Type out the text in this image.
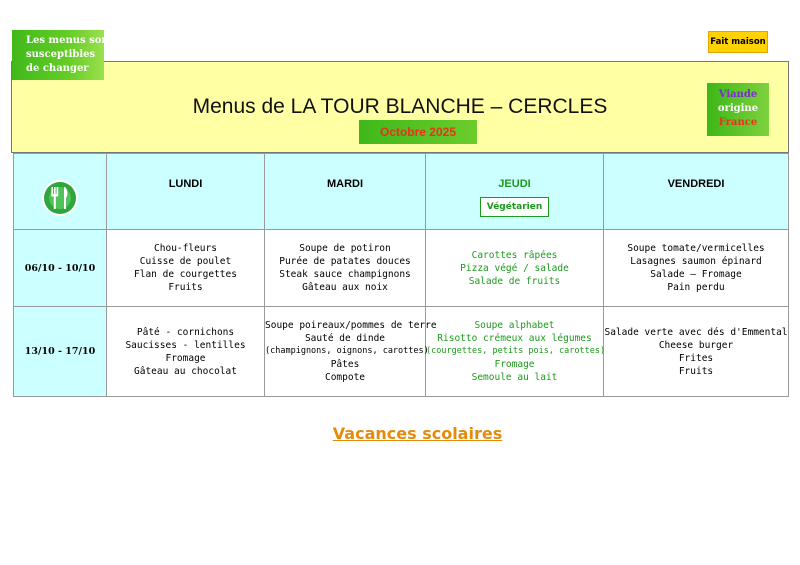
Les menus sont
susceptibles
de changer
Fait maison
Menus de LA TOUR BLANCHE – CERCLES
Octobre 2025
Viande
origine
France
	LUNDI	MARDI	JEUDI
Végétarien	VENDREDI
06/10 - 10/10	Chou-fleurs
Cuisse de poulet
Flan de courgettes
Fruits	Soupe de potiron
Purée de patates douces
Steak sauce champignons
Gâteau aux noix	Carottes râpées
Pizza végé / salade
Salade de fruits	Soupe tomate/vermicelles
Lasagnes saumon épinard
Salade – Fromage
Pain perdu

13/10 - 17/10	Pâté - cornichons
Saucisses - lentilles
Fromage
Gâteau au chocolat	Soupe poireaux/pommes de terre
Sauté de dinde
(champignons, oignons, carottes)
Pâtes
Compote	Soupe alphabet
Risotto crémeux aux légumes
(courgettes, petits pois, carottes)
Fromage
Semoule au lait	Salade verte avec dés d'Emmental
Cheese burger
Frites
Fruits
Vacances scolaires
